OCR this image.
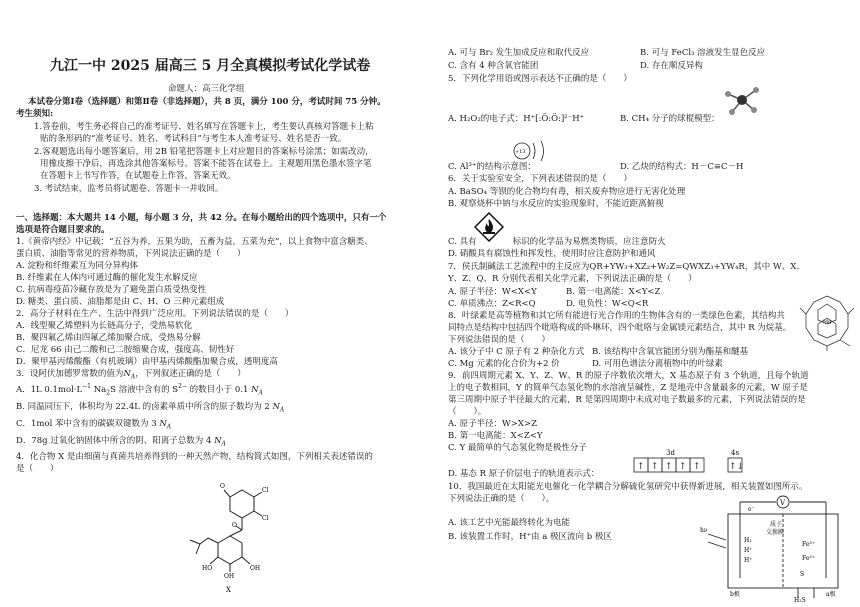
九江一中 2025 届高三 5 月全真模拟考试化学试卷
命题人：高三化学组
本试卷分第Ⅰ卷（选择题）和第Ⅱ卷（非选择题），共 8 页，满分 100 分，考试时间 75 分钟。
考生须知:
1.答卷前，考生务必将自己的准考证号、姓名填写在答题卡上，考生要认真核对答题卡上粘
贴的条形码的“准考证号、姓名、考试科目”与考生本人准考证号、姓名是否一致。
2.客观题选出每小题答案后，用 2B 铅笔把答题卡上对应题目的答案标号涂黑；如需改动，
用橡皮擦干净后，再选涂其他答案标号。答案不能答在试卷上。主观题用黑色墨水签字笔
在答题卡上书写作答，在试题卷上作答，答案无效。
3. 考试结束，监考员将试题卷、答题卡一并收回。
一、选择题：本大题共 14 小题，每小题 3 分，共 42 分。在每小题给出的四个选项中，只有一个
选项是符合题目要求的。
1.《黄帝内经》中记载：“五谷为养，五果为助，五畜为益，五菜为充”，以上食物中富含糖类、
蛋白质、油脂等常见的营养物质，下列说法正确的是（　　）
A. 淀粉和纤维素互为同分异构体
B. 纤维素在人体内可通过酶的催化发生水解反应
C. 抗病毒疫苗冷藏存放是为了避免蛋白质受热变性
D. 糖类、蛋白质、油脂都是由 C、H、O 三种元素组成
2．高分子材料在生产、生活中得到广泛应用。下列说法错误的是（　　）
A．线型聚乙烯塑料为长链高分子，受热易软化
B．聚四氟乙烯由四氟乙烯加聚合成，受热易分解
C．尼龙 66 由己二酸和己二胺缩聚合成，强度高、韧性好
D．聚甲基丙烯酸酯（有机玻璃）由甲基丙烯酸酯加聚合成，透明度高
3．设阿伏加德罗常数的值为$N_A$，下列叙述正确的是（　　）
A．1L $0.1mol\cdot L^{-1}$ $Na_2S$ 溶液中含有的 $S^{2-}$ 的数目小于 0.1 $N_A$
B. 同温同压下，体积均为 22.4L 的卤素单质中所含的原子数均为 2 $N_A$
C．1mol 苯中含有的碳碳双键数为 3 $N_A$
D．78g 过氧化钠固体中所含的阴、阳离子总数为 4 $N_A$
4．化合物 X 是由细菌与真菌共培养得到的一种天然产物，结构简式如图，下列相关表述错误的
是（　　）
O
Cl
Cl
OH
OH
HO
O
X
A. 可与 Br₂ 发生加成反应和取代反应	B. 可与 FeCl₃ 溶液发生显色反应
C. 含有 4 种含氧官能团	D. 存在顺反异构
5．下列化学用语或图示表达不正确的是（　　）
A. H₂O₂的电子式：H⁺[:Ö:Ö:]²⁻H⁺	B. CH₄ 分子的球棍模型：
+13
C. Al³⁺的结构示意图：	D. 乙炔的结构式：H－C≡C－H
6．关于实验室安全，下列表述错误的是（　　）
A. BaSO₄ 等钡的化合物均有毒，相关废弃物应进行无害化处理
B. 观察烧杯中钠与水反应的实验现象时，不能近距离俯视
C. 具有	标识的化学品为易燃类物质，应注意防火
D. 硝酸具有腐蚀性和挥发性，使用时应注意防护和通风
7．侯氏制碱法工艺流程中的主反应为QR+YW₃+XZ₂+W₂Z=QWXZ₃+YW₄R，其中 W、X、
Y、Z、Q、R 分别代表相关化学元素，下列说法正确的是（　　）
A. 原子半径：W<X<Y	B. 第一电离能：X<Y<Z
C. 单质沸点：Z<R<Q	D. 电负性：W<Q<R
8．叶绿素是高等植物和其它所有能进行光合作用的生物体含有的一类绿色色素，其结构共
同特点是结构中包括四个吡咯构成的卟啉环，四个吡咯与金属镁元素结合，其中 R 为烷基。
下列说法错误的是（　　）
A. 该分子中 C 原子有 2 种杂化方式 B. 该结构中含氧官能团分别为酯基和醚基
C. Mg 元素的化合价为+2 价	D. 可用色谱法分离植物中的叶绿素
Mg
9．前四周期元素 X、Y、Z、W、R 的原子序数依次增大，X 基态原子有 3 个轨道，且每个轨道
上的电子数相同，Y 的简单气态氢化物的水溶液呈碱性，Z 是地壳中含量最多的元素，W 原子是
第三周期中原子半径最大的元素，R 是第四周期中未成对电子数最多的元素，下列说法错误的是
（　　）。
A. 原子半径：W>X>Z
B. 第一电离能：X<Z<Y
C. Y 最简单的气态氢化物是极性分子
D. 基态 R 原子价层电子的轨道表示式：
3d	4s
↑ ↑ ↑ ↑ ↑	↑↓
10．我国最近在太阳能光电催化－化学耦合分解硫化氢研究中获得新进展，相关装置如图所示。
下列说法正确的是（　　）。
A. 该工艺中光能最终转化为电能
B. 该装置工作时，H⁺由 a 极区流向 b 极区
V
e⁻
质子
交换膜
H₂
H⁺
H⁺
Fe³⁺
Fe²⁺
S
hν
H₂S
b极	a极
